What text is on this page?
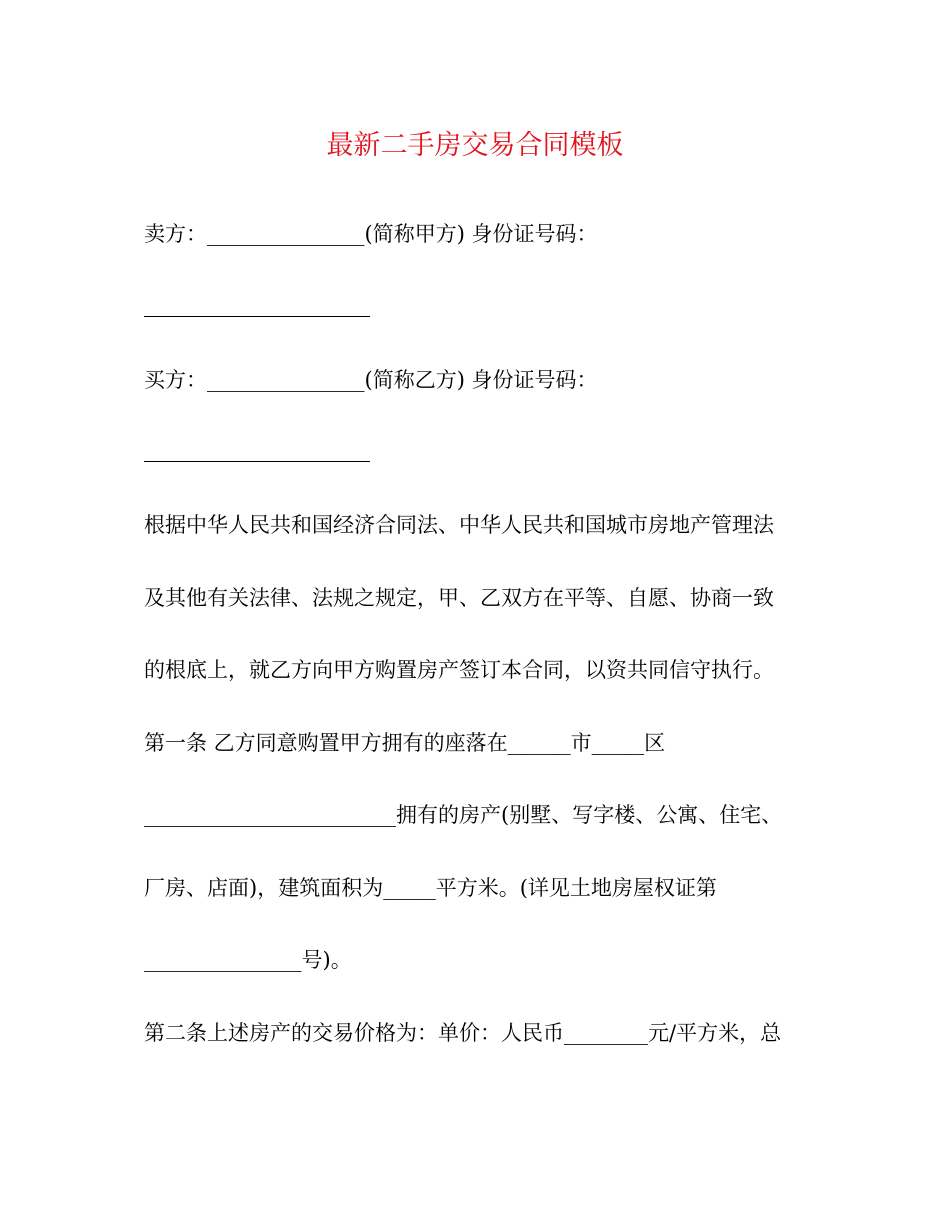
最新二手房交易合同模板
卖方：_______________(简称甲方) 身份证号码：
买方：_______________(简称乙方) 身份证号码：
根据中华人民共和国经济合同法、中华人民共和国城市房地产管理法
及其他有关法律、法规之规定，甲、乙双方在平等、自愿、协商一致
的根底上，就乙方向甲方购置房产签订本合同，以资共同信守执行。
第一条 乙方同意购置甲方拥有的座落在______市_____区
________________________拥有的房产(别墅、写字楼、公寓、住宅、
厂房、店面)，建筑面积为_____平方米。(详见土地房屋权证第
_______________号)。
第二条上述房产的交易价格为：单价：人民币________元/平方米，总
